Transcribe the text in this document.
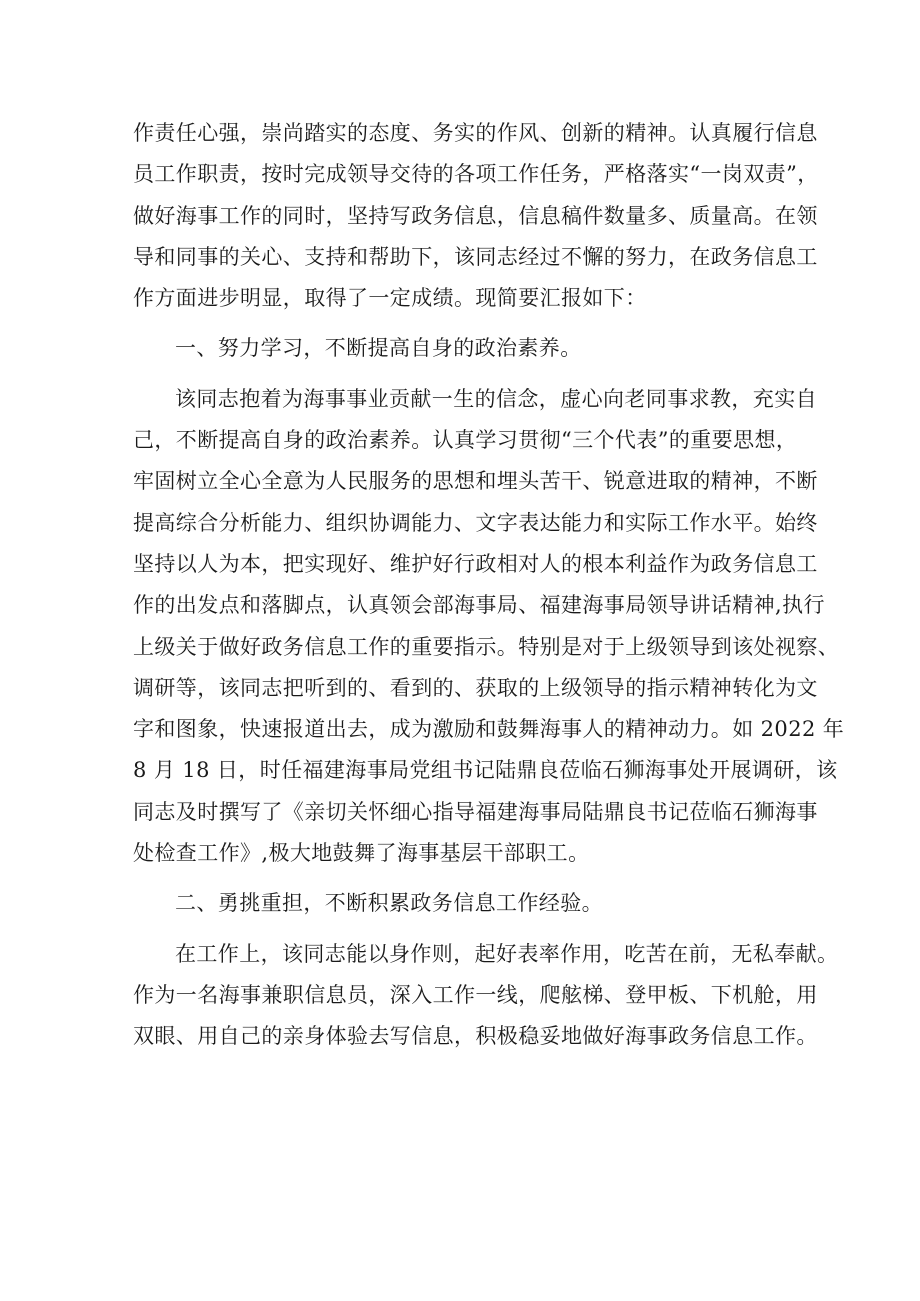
作责任心强，崇尚踏实的态度、务实的作风、创新的精神。认真履行信息
员工作职责，按时完成领导交待的各项工作任务，严格落实“一岗双责”，
做好海事工作的同时，坚持写政务信息，信息稿件数量多、质量高。在领
导和同事的关心、支持和帮助下，该同志经过不懈的努力，在政务信息工
作方面进步明显，取得了一定成绩。现简要汇报如下：
一、努力学习，不断提高自身的政治素养。
该同志抱着为海事事业贡献一生的信念，虚心向老同事求教，充实自
己，不断提高自身的政治素养。认真学习贯彻“三个代表”的重要思想，
牢固树立全心全意为人民服务的思想和埋头苦干、锐意进取的精神，不断
提高综合分析能力、组织协调能力、文字表达能力和实际工作水平。始终
坚持以人为本，把实现好、维护好行政相对人的根本利益作为政务信息工
作的出发点和落脚点，认真领会部海事局、福建海事局领导讲话精神,执行
上级关于做好政务信息工作的重要指示。特别是对于上级领导到该处视察、
调研等，该同志把听到的、看到的、获取的上级领导的指示精神转化为文
字和图象，快速报道出去，成为激励和鼓舞海事人的精神动力。如 2022 年
8 月 18 日，时任福建海事局党组书记陆鼎良莅临石狮海事处开展调研，该
同志及时撰写了《亲切关怀细心指导福建海事局陆鼎良书记莅临石狮海事
处检查工作》,极大地鼓舞了海事基层干部职工。
二、勇挑重担，不断积累政务信息工作经验。
在工作上，该同志能以身作则，起好表率作用，吃苦在前，无私奉献。
作为一名海事兼职信息员，深入工作一线，爬舷梯、登甲板、下机舱，用
双眼、用自己的亲身体验去写信息，积极稳妥地做好海事政务信息工作。
